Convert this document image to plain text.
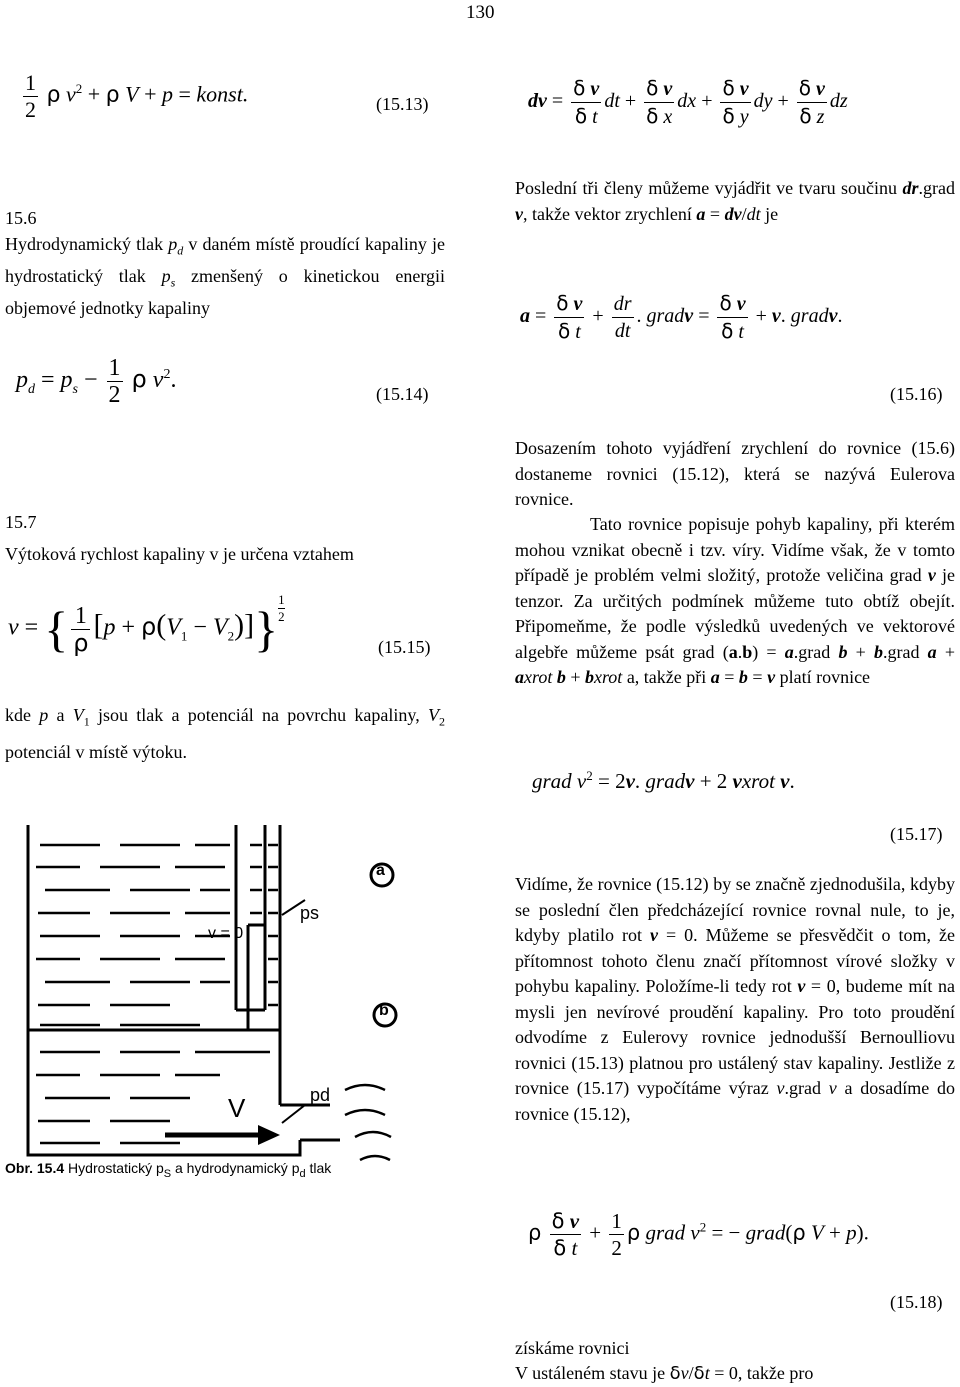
130
$\frac{1}{2}$ ρ $v^2 + \rho$ V + p = konst.	(15.13)
15.6
Hydrodynamický tlak $p_d$ v daném místě proudící kapaliny je hydrostatický tlak $p_s$ zmenšený o kinetickou energii objemové jednotky kapaliny
$p_d = p_s - \frac{1}{2}$ ρ $v^2$.
(15.14)
15.7
Výtoková rychlost kapaliny v je určena vztahem
v = { $\frac{1}{\rho} [p + \rho(V_1 - V_2)]\} \frac{1}{2}$
(15.15)
kde p a $V_1$ jsou tlak a potenciál na povrchu kapaliny, $V_2$ potenciál v místě výtoku.
a
b
v = 0
ps
pd
V
Obr. 15.4 Hydrostatický $p_S$ a hydrodynamický $p_d$ tlak
dv = $\frac{\text{δ v}}{\text{δ t}}$ dt + $\frac{\text{δ v}}{\text{δ x}}$ dx + $\frac{\text{δ v}}{\text{δ y}}$ dy + $\frac{\text{δ v}}{\text{δ z}}$ dz
Poslední tři členy můžeme vyjádřit ve tvaru součinu dr.grad v, takže vektor zrychlení a = dv/dt je
$a = \frac{\text{δ v}}{\text{δ t}} + \frac{dr}{dt}$ . gradv = $\frac{\text{δ v}}{\text{δ t}} + v$. gradv.
(15.16)
Dosazením tohoto vyjádření zrychlení do rovnice (15.6) dostaneme rovnici (15.12), která se nazývá Eulerova rovnice.
Tato rovnice popisuje pohyb kapaliny, při kterém mohou vznikat obecně i tzv. víry. Vidíme však, že v tomto případě je problém velmi složitý, protože veličina grad v je tenzor. Za určitých podmínek můžeme tuto obtíž obejít. Připomeňme, že podle výsledků uvedených ve vektorové algebře můžeme psát grad (a.b) = a.grad b + b.grad a + axrot b + bxrot a, takže při a = b = v platí rovnice
grad $v^2 = 2v$. gradv + 2 vxrot v.
(15.17)
Vidíme, že rovnice (15.12) by se značně zjednodušila, kdyby se poslední člen předcházející rovnice rovnal nule, to je, kdyby platilo rot v = 0. Můžeme se přesvědčit o tom, že přítomnost tohoto členu značí přítomnost vírové složky v pohybu kapaliny. Položíme-li tedy rot v = 0, budeme mít na mysli jen nevírové proudění kapaliny. Pro toto proudění odvodíme z Eulerovy rovnice jednodušší Bernoulliovu rovnici (15.13) platnou pro ustálený stav kapaliny. Jestliže z rovnice (15.17) vypočítáme výraz v.grad v a dosadíme do rovnice (15.12),
ρ $\frac{\text{δ v}}{\text{δ t}} + \frac{1}{2}$ ρ grad $v^2$ = − grad(ρ V + p).
(15.18)
získáme rovnici
V ustáleném stavu je δv/δt = 0, takže pro
